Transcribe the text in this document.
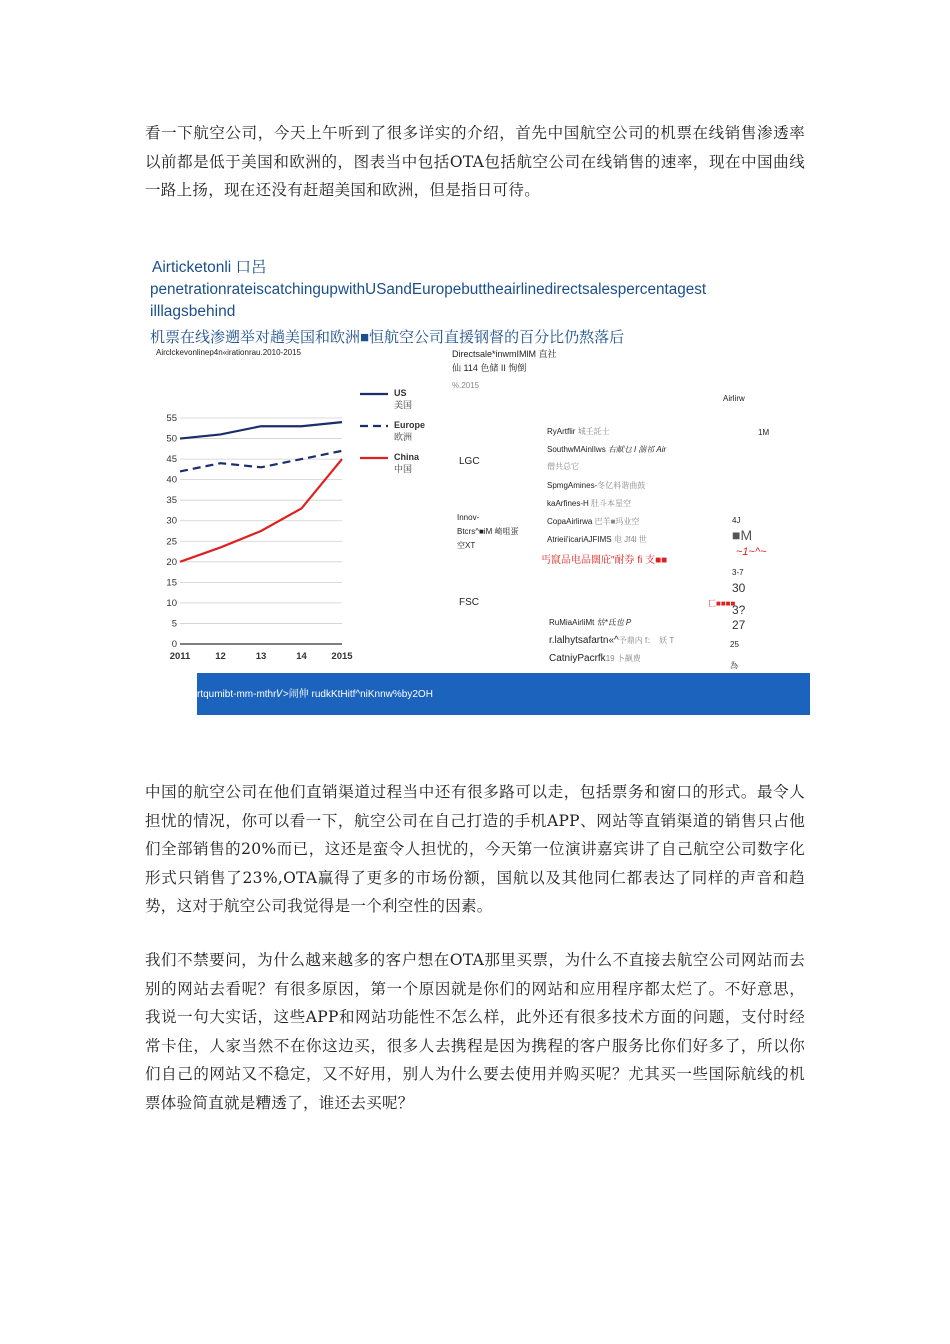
看一下航空公司，今天上午听到了很多详实的介绍，首先中国航空公司的机票在线销售渗透率以前都是低于美国和欧洲的，图表当中包括OTA包括航空公司在线销售的速率，现在中国曲线一路上扬，现在还没有赶超美国和欧洲，但是指日可待。

Airticketonli 口呂
penetrationrateiscatchingupwithUSandEuropebuttheairlinedirectsalespercentagest
illlagsbehind
机票在线渗遡举对趟美国和欧洲■恒航空公司直援钢督的百分比仍熬落后
Airclckevonlinep4n«irationrau.2010-2015
0
5
10
15
20
25
30
35
40
45
50
55
2011	12	13	14	2015
US
美国
Europe
欧洲
China
中国
Directsale*inwmIMlM 直社
仙 114 色储 II 恂倒
%.2015
Airlirw
LGC
Innov-
Btcrs^■iM 崎咀蛋
空XT
FSC
RyArtflir 城壬託士	1M
SouthwMAinlIws 右献乜 l 湍祁 Air
僧共总它
SpmgAmines-冬亿料谐曲鼓
kaArfines-H 肚斗本星空
CopaAirlirwa 巴羊■玛业空	4J
Atrieii'icariAJFIMS 电 Jf4l 世	■M
丐竄品电品闊庇"耐券 fi 支■■
~1~^~
3-7
30
匚■■■■
3?
RuMiaAirliMt 怙*氐也 P	27
r.lalhytsafartn«^予鼎内 f：　妖 T	25
CatniyPacrfk19 卜飙费
為
rtqumibt-mm-mthr𝑉>闹伸 rudkKtHitf^niKnnw%by2OH

中国的航空公司在他们直销渠道过程当中还有很多路可以走，包括票务和窗口的形式。最令人担忧的情况，你可以看一下，航空公司在自己打造的手机APP、网站等直销渠道的销售只占他们全部销售的20%而已，这还是蛮令人担忧的，今天第一位演讲嘉宾讲了自己航空公司数字化形式只销售了23%,OTA赢得了更多的市场份额，国航以及其他同仁都表达了同样的声音和趋势，这对于航空公司我觉得是一个利空性的因素。

我们不禁要问，为什么越来越多的客户想在OTA那里买票，为什么不直接去航空公司网站而去别的网站去看呢？有很多原因，第一个原因就是你们的网站和应用程序都太烂了。不好意思，我说一句大实话，这些APP和网站功能性不怎么样，此外还有很多技术方面的问题，支付时经常卡住，人家当然不在你这边买，很多人去携程是因为携程的客户服务比你们好多了，所以你们自己的网站又不稳定，又不好用，别人为什么要去使用并购买呢？尤其买一些国际航线的机票体验简直就是糟透了，谁还去买呢？
